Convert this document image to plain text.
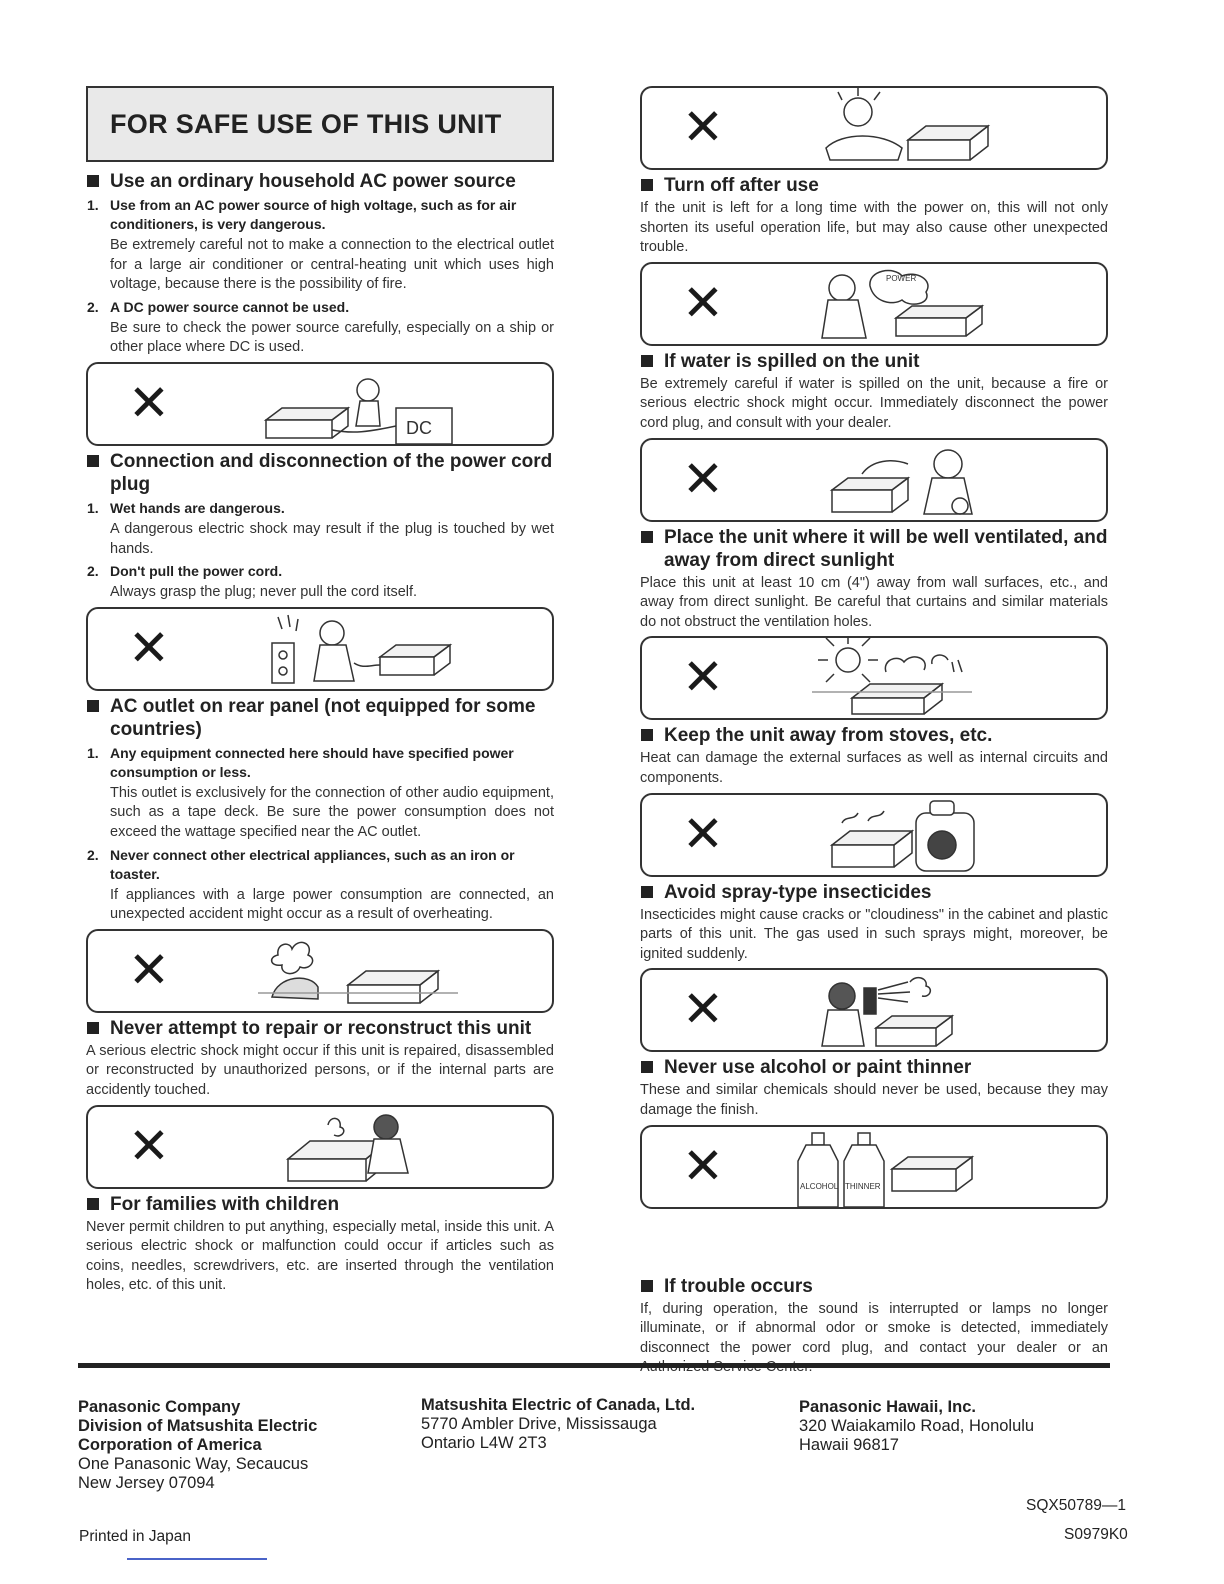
FOR SAFE USE OF THIS UNIT
Use an ordinary household AC power source
1. Use from an AC power source of high voltage, such as for air conditioners, is very dangerous.
Be extremely careful not to make a connection to the electrical outlet for a large air conditioner or central-heating unit which uses high voltage, because there is the possibility of fire.
2. A DC power source cannot be used.
Be sure to check the power source carefully, especially on a ship or other place where DC is used.
✕	DC
Connection and disconnection of the power cord plug
1. Wet hands are dangerous.
A dangerous electric shock may result if the plug is touched by wet hands.
2. Don't pull the power cord.
Always grasp the plug; never pull the cord itself.
✕
AC outlet on rear panel (not equipped for some countries)
1. Any equipment connected here should have specified power consumption or less.
This outlet is exclusively for the connection of other audio equipment, such as a tape deck. Be sure the power consumption does not exceed the wattage specified near the AC outlet.
2. Never connect other electrical appliances, such as an iron or toaster.
If appliances with a large power consumption are connected, an unexpected accident might occur as a result of overheating.
✕
Never attempt to repair or reconstruct this unit
A serious electric shock might occur if this unit is repaired, disassembled or reconstructed by unauthorized persons, or if the internal parts are accidently touched.
✕
For families with children
Never permit children to put anything, especially metal, inside this unit. A serious electric shock or malfunction could occur if articles such as coins, needles, screwdrivers, etc. are inserted through the ventilation holes, etc. of this unit.
✕
Turn off after use
If the unit is left for a long time with the power on, this will not only shorten its useful operation life, but may also cause other unexpected trouble.
✕	POWER
If water is spilled on the unit
Be extremely careful if water is spilled on the unit, because a fire or serious electric shock might occur. Immediately disconnect the power cord plug, and consult with your dealer.
✕
Place the unit where it will be well ventilated, and away from direct sunlight
Place this unit at least 10 cm (4") away from wall surfaces, etc., and away from direct sunlight. Be careful that curtains and similar materials do not obstruct the ventilation holes.
✕
Keep the unit away from stoves, etc.
Heat can damage the external surfaces as well as internal circuits and components.
✕
Avoid spray-type insecticides
Insecticides might cause cracks or "cloudiness" in the cabinet and plastic parts of this unit. The gas used in such sprays might, moreover, be ignited suddenly.
✕
Never use alcohol or paint thinner
These and similar chemicals should never be used, because they may damage the finish.
✕	ALCOHOL THINNER
If trouble occurs
If, during operation, the sound is interrupted or lamps no longer illuminate, or if abnormal odor or smoke is detected, immediately disconnect the power cord plug, and contact your dealer or an
Panasonic Company
Division of Matsushita Electric
Corporation of America
One Panasonic Way, Secaucus
New Jersey 07094
Matsushita Electric of Canada, Ltd.
5770 Ambler Drive, Mississauga
Ontario L4W 2T3
Panasonic Hawaii, Inc.
320 Waiakamilo Road, Honolulu
Hawaii 96817
SQX50789—1
S0979K0
Printed in Japan
